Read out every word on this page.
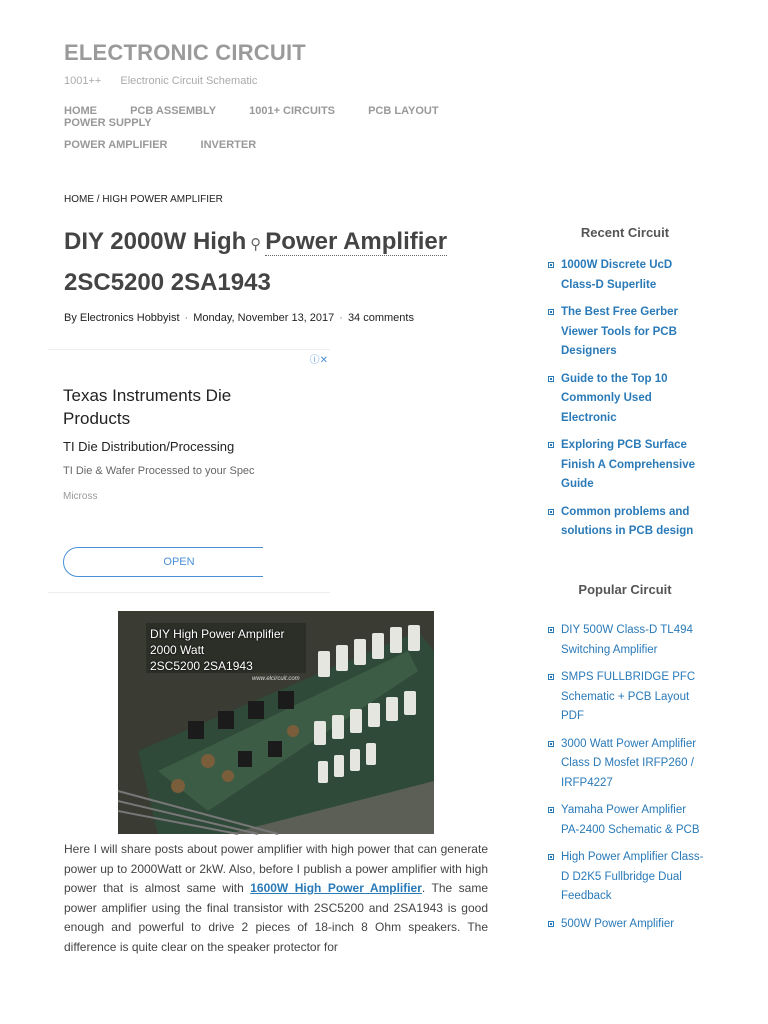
ELECTRONIC CIRCUIT
1001++ Electronic Circuit Schematic
HOME	PCB ASSEMBLY	1001+ CIRCUITS	PCB LAYOUT POWER SUPPLY
POWER AMPLIFIER	INVERTER
HOME / HIGH POWER AMPLIFIER
DIY 2000W High ⚲ Power Amplifier
2SC5200 2SA1943
By Electronics Hobbyist · Monday, November 13, 2017 · 34 comments
ⓘ✕
Texas Instruments Die Products
TI Die Distribution/Processing
TI Die & Wafer Processed to your Spec
Micross
OPEN
DIY High Power Amplifier
2000 Watt
2SC5200 2SA1943
www.elcircuit.com
Here I will share posts about power amplifier with high power that can generate power up to 2000Watt or 2kW. Also, before I publish a power amplifier with high power that is almost same with 1600W High Power Amplifier. The same power amplifier using the final transistor with 2SC5200 and 2SA1943 is good enough and powerful to drive 2 pieces of 18-inch 8 Ohm speakers. The difference is quite clear on the speaker protector for
Recent Circuit
1000W Discrete UcD Class-D Superlite
The Best Free Gerber Viewer Tools for PCB Designers
Guide to the Top 10 Commonly Used Electronic
Exploring PCB Surface Finish A Comprehensive Guide
Common problems and solutions in PCB design
Popular Circuit
DIY 500W Class-D TL494 Switching Amplifier
SMPS FULLBRIDGE PFC Schematic + PCB Layout PDF
3000 Watt Power Amplifier Class D Mosfet IRFP260 / IRFP4227
Yamaha Power Amplifier PA-2400 Schematic & PCB
High Power Amplifier Class-D D2K5 Fullbridge Dual Feedback
500W Power Amplifier
